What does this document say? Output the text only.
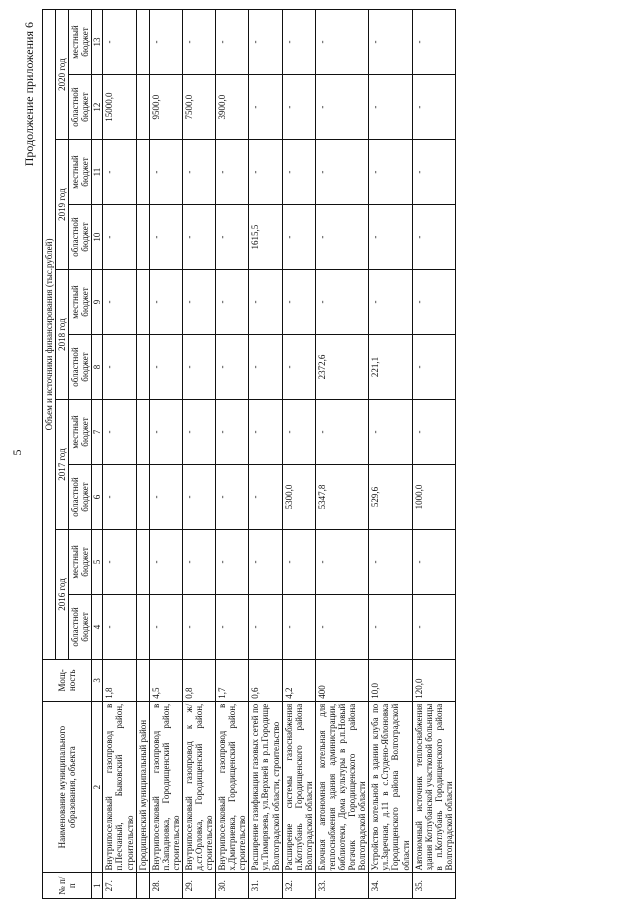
5
Продолжение приложения 6
№ п/п	Наименование муниципального образования, объекта	Мощ-ность	Объем и источники финансирования (тыс.рублей)									
			2016 год		2017 год		2018 год		2019 год		2020 год	
			областной бюджет	местный бюджет	областной бюджет	местный бюджет	областной бюджет	местный бюджет	областной бюджет	местный бюджет	областной бюджет	местный бюджет
1	2	3	4	5	6	7	8	9	10	11	12	13
27.	Внутрипоселковый газопровод в п.Песчаный, Быковский район, строительство	1,8	-	-	-	-	-	-	-	-	15000,0	-
	Городищенский муниципальный район											
28.	Внутрипоселковый газопровод в п.Западновка, Городищенский район, строительство	4,5	-	-	-	-	-	-	-	-	9500,0	-
29.	Внутрипоселковый газопровод к ж/д.ст.Орловка, Городищенский район, строительство	0,8	-	-	-	-	-	-	-	-	7500,0	-
30.	Внутрипоселковый газопровод в х.Дмитриевка, Городищенский район, строительство	1,7	-	-	-	-	-	-	-	-	3900,0	-
31.	Расширение газификации газовых сетей по ул.Тимирязева, ул.Верхней в р.п.Городище Волгоградской области, строительство	0,6	-	-	-	-	-	-	1615,5	-	-	-
32.	Расширение системы газоснабжения п.Котлубань Городищенского района Волгоградской области	4,2	-	-	5300,0	-	-	-	-	-	-	-
33.	Блочная автономная котельная для теплоснабжения здания администрации, библиотеки, Дома культуры в р.п.Новый Рогачик Городищенского района Волгоградской области	400	-	-	5347,8	-	2372,6	-	-	-	-	-
34.	Устройство котельной в здании клуба по ул.Заречная, д.11 в с.Студено-Яблоновка Городищенского района Волгоградской области	10,0	-	-	529,6	-	221,1	-	-	-	-	-
35.	Автономный источник теплоснабжения здания Котлубанской участковой больницы в п.Котлубань Городищенского района Волгоградской области	120,0	-	-	1000,0	-	-	-	-	-	-	-
